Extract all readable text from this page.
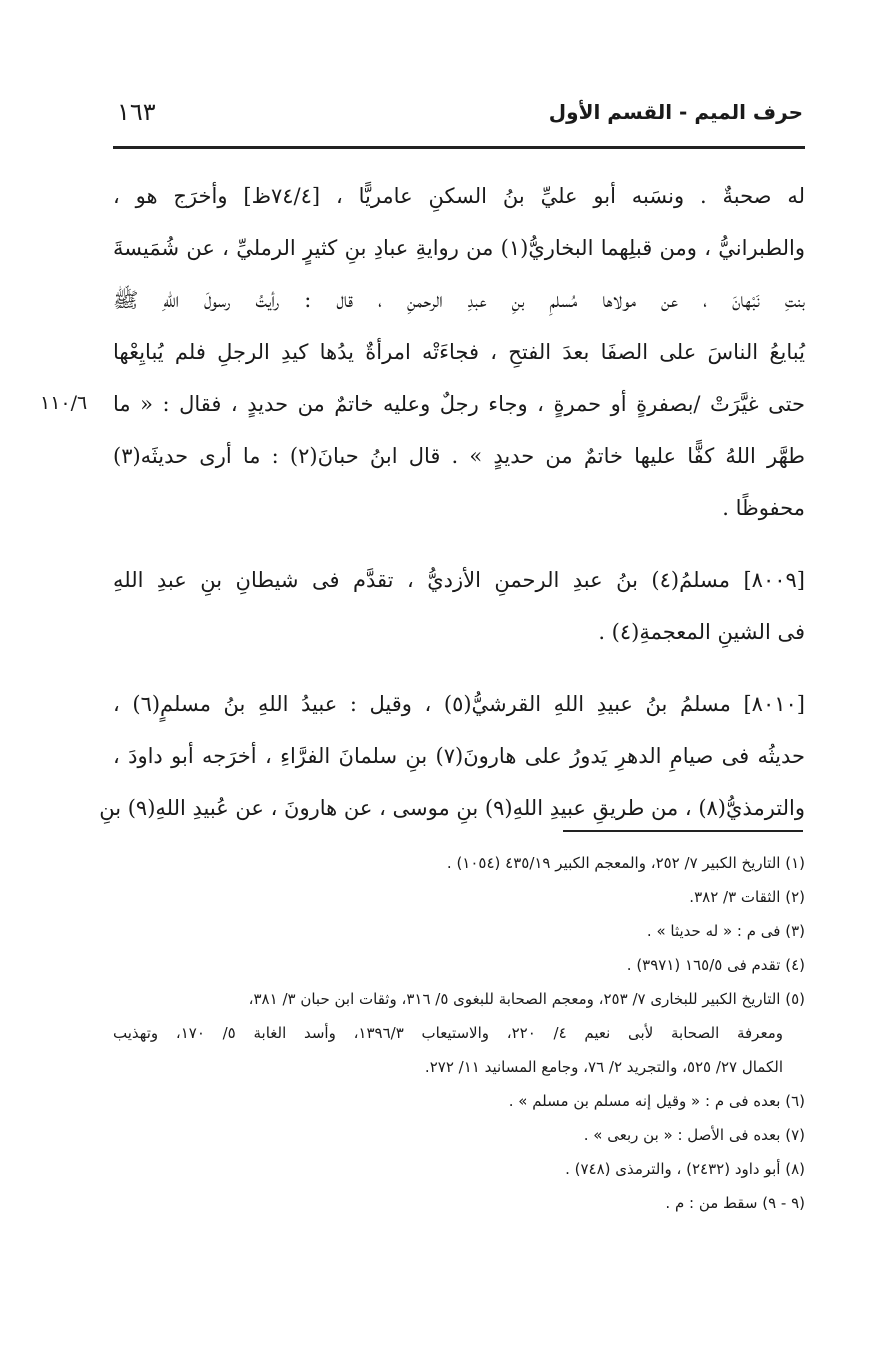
حرف الميم - القسم الأول
١٦٣
١١٠/٦
له صحبةٌ . ونسَبه أبو عليِّ بنُ السكنِ عامريًّا ، [٧٤/٤ظ] وأخرَج هو ،
والطبرانيُّ ، ومن قبلِهما البخاريُّ(١) من روايةِ عبادِ بنِ كثيرٍ الرمليِّ ، عن شُمَيسةَ
بنتِ نَبْهانَ ، عن مولاها مُسلمِ بنِ عبدِ الرحمنِ ، قال : رأيتُ رسولَ اللهِ ﷺ
يُبايعُ الناسَ على الصفَا بعدَ الفتحِ ، فجاءَتْه امرأةٌ يدُها كيدِ الرجلِ فلم يُبايِعْها
حتى غيَّرَتْ /بصفرةٍ أو حمرةٍ ، وجاء رجلٌ وعليه خاتمٌ من حديدٍ ، فقال : « ما
طهَّر اللهُ كفًّا عليها خاتمٌ من حديدٍ » . قال ابنُ حبانَ(٢) : ما أرى حديثَه(٣)
محفوظًا .
[٨٠٠٩] مسلمُ(٤) بنُ عبدِ الرحمنِ الأزديُّ ، تقدَّم فى شيطانِ بنِ عبدِ اللهِ
فى الشينِ المعجمةِ(٤) .
[٨٠١٠] مسلمُ بنُ عبيدِ اللهِ القرشيُّ(٥) ، وقيل : عبيدُ اللهِ بنُ مسلمٍ(٦) ،
حديثُه فى صيامِ الدهرِ يَدورُ على هارونَ(٧) بنِ سلمانَ الفرَّاءِ ، أخرَجه أبو داودَ ،
والترمذيُّ(٨) ، من طريقِ عبيدِ اللهِ(٩) بنِ موسى ، عن هارونَ ، عن عُبيدِ اللهِ(٩) بنِ
(١) التاريخ الكبير ٧/ ٢٥٢، والمعجم الكبير ٤٣٥/١٩ (١٠٥٤) .
(٢) الثقات ٣/ ٣٨٢.
(٣) فى م : « له حديثا » .
(٤) تقدم فى ١٦٥/٥ (٣٩٧١) .
(٥) التاريخ الكبير للبخارى ٧/ ٢٥٣، ومعجم الصحابة للبغوى ٥/ ٣١٦، وثقات ابن حبان ٣/ ٣٨١،
ومعرفة الصحابة لأبى نعيم ٤/ ٢٢٠، والاستيعاب ١٣٩٦/٣، وأسد الغابة ٥/ ١٧٠، وتهذيب
الكمال ٢٧/ ٥٢٥، والتجريد ٢/ ٧٦، وجامع المسانيد ١١/ ٢٧٢.
(٦) بعده فى م : « وقيل إنه مسلم بن مسلم » .
(٧) بعده فى الأصل : « بن ربعى » .
(٨) أبو داود (٢٤٣٢) ، والترمذى (٧٤٨) .
(٩ - ٩) سقط من : م .
